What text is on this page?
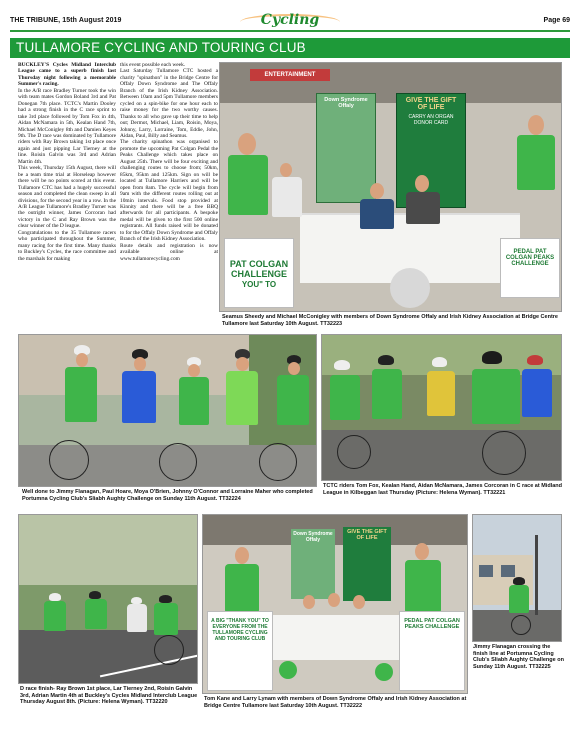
THE TRIBUNE, 15th August 2019	Cycling	Page 69
TULLAMORE CYCLING AND TOURING CLUB

BUCKLEY'S Cycles Midland Interclub League came to a superb finish last Thursday night following a memorable Summer's racing.

In the A/B race Bradley Turner took the win with team mates Gordon Boland 3rd and Pat Donegan 7th place. TCTC's Martin Dooley had a strong finish in the C race sprint to take 3rd place followed by Tom Fox in 4th, Aidan McNamara in 5th, Kealan Hand 7th, Michael McConigley 8th and Damien Keyes 9th. The D race was dominated by Tullamore riders with Ray Brown taking 1st place once again and just pipping Lar Tierney at the line. Roisin Galvin was 3rd and Adrian Martin 4th.

This week, Thursday 15th August, there will be a team time trial at Horseleap however there will be no points scored at this event. Tullamore CTC has had a hugely successful season and completed the clean sweep in all divisions, for the second year in a row. In the A/B League Tullamore's Bradley Turner was the outright winner, James Corcoran had victory in the C and Ray Brown was the clear winner of the D league.

Congratulations to the 35 Tullamore racers who participated throughout the Summer, many racing for the first time. Many thanks to Buckley's Cycles, the race committee and the marshals for making

this event possible each week.

Last Saturday Tullamore CTC hosted a charity "spinathon" in the Bridge Centre for Offaly Down Syndrome and The Offaly Branch of the Irish Kidney Association. Between 10am and 5pm Tullamore members cycled on a spin-bike for one hour each to raise money for the two worthy causes. Thanks to all who gave up their time to help out; Dermot, Michael, Liam, Roisin, Moya, Johnny, Larry, Lorraine, Tom, Eddie, John, Aidan, Paul, Billy and Seamus.

The charity spinathon was organised to promote the upcoming Pat Colgan Pedal the Peaks Challenge which takes place on August 25th. There will be four exciting and challenging routes to choose from; 50km, 85km, 95km and 125km. Sign on will be located at Tullamore Harriers and will be open from 8am. The cycle will begin from 9am with the different routes rolling out at 10min intervals. Food stop provided at Kinnity and there will be a free BBQ afterwards for all participants. A bespoke medal will be given to the first 500 online registrants. All funds raised will be donated to for the Offaly Down Syndrome and Offaly Branch of the Irish Kidney Association.

Route details and registration is now available online at www.tullamorecycling.com

ENTERTAINMENT
Down Syndrome Offaly
GIVE THE GIFT OF LIFE
CARRY AN ORGAN DONOR CARD
PAT COLGAN CHALLENGE
YOU" TO
PEDAL PAT COLGAN PEAKS CHALLENGE
Seamus Sheedy and Michael McConigley with members of Down Syndrome Offaly and Irish Kidney Association at Bridge Centre Tullamore last Saturday 10th August. TT32223
Well done to Jimmy Flanagan, Paul Hoare, Moya O'Brien, Johnny O'Connor and Lorraine Maher who completed Portumna Cycling Club's Sliabh Aughty Challenge on Sunday 11th August. TT32224
TCTC riders Tom Fox, Kealan Hand, Aidan McNamara, James Corcoran in C race at Midland League in Kilbeggan last Thursday (Picture: Helena Wyman). TT32221
D race finish- Ray Brown 1st place, Lar Tierney 2nd, Roisin Galvin 3rd, Adrian Martin 4th at Buckley's Cycles Midland Interclub League Thursday August 8th. (Picture: Helena Wyman). TT32220
Down Syndrome Offaly
GIVE THE GIFT OF LIFE
A BIG "THANK YOU" TO EVERYONE FROM THE TULLAMORE CYCLING AND TOURING CLUB
PEDAL PAT COLGAN PEAKS CHALLENGE
Tom Kane and Larry Lynam with members of Down Syndrome Offaly and Irish Kidney Association at Bridge Centre Tullamore last Saturday 10th August. TT32222
Jimmy Flanagan crossing the finish line at Portumna Cycling Club's Sliabh Aughty Challenge on Sunday 11th August. TT32225
